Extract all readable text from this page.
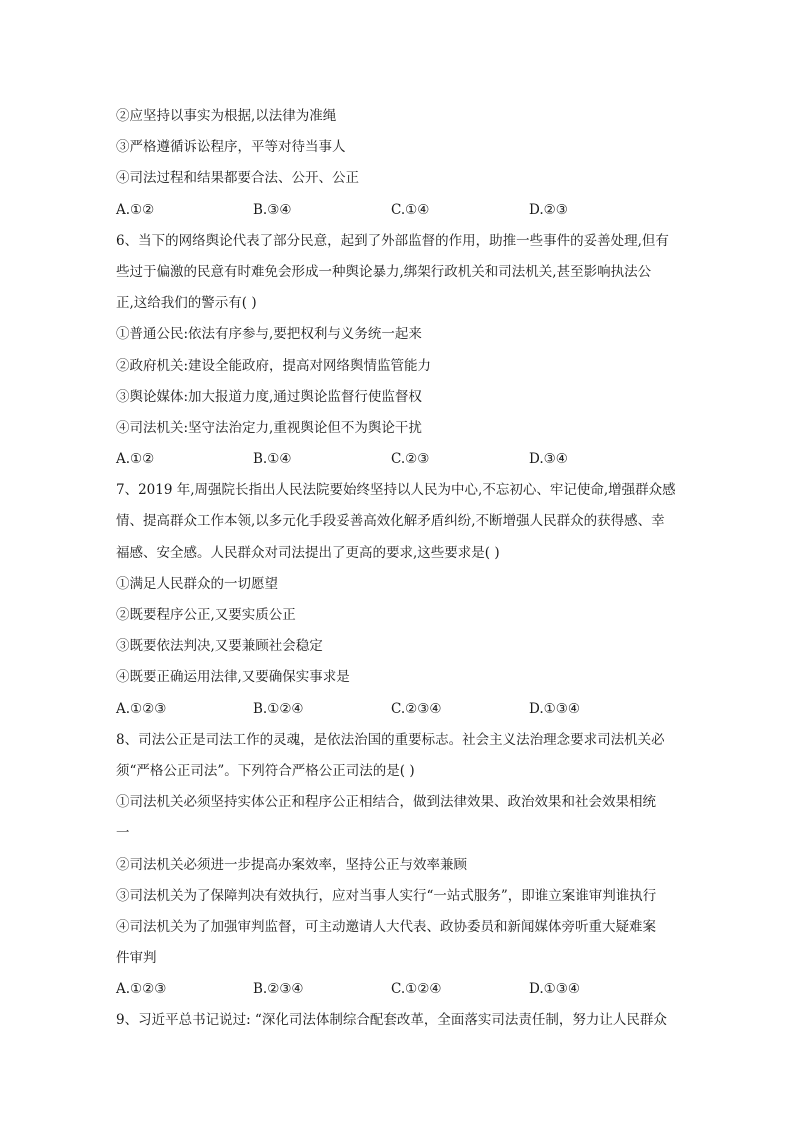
②应坚持以事实为根据,以法律为准绳
③严格遵循诉讼程序，平等对待当事人
④司法过程和结果都要合法、公开、公正
A.①②	B.③④	C.①④	D.②③
6、当下的网络舆论代表了部分民意，起到了外部监督的作用，助推一些事件的妥善处理,但有
些过于偏激的民意有时难免会形成一种舆论暴力,绑架行政机关和司法机关,甚至影响执法公
正,这给我们的警示有( )
①普通公民:依法有序参与,要把权利与义务统一起来
②政府机关:建设全能政府，提高对网络舆情监管能力
③舆论媒体:加大报道力度,通过舆论监督行使监督权
④司法机关:坚守法治定力,重视舆论但不为舆论干扰
A.①②	B.①④	C.②③	D.③④
7、2019 年,周强院长指出人民法院要始终坚持以人民为中心,不忘初心、牢记使命,增强群众感
情、提高群众工作本领,以多元化手段妥善高效化解矛盾纠纷,不断增强人民群众的获得感、幸
福感、安全感。人民群众对司法提出了更高的要求,这些要求是( )
①满足人民群众的一切愿望
②既要程序公正,又要实质公正
③既要依法判决,又要兼顾社会稳定
④既要正确运用法律,又要确保实事求是
A.①②③	B.①②④	C.②③④	D.①③④
8、司法公正是司法工作的灵魂，是依法治国的重要标志。社会主义法治理念要求司法机关必
须“严格公正司法”。下列符合严格公正司法的是( )
①司法机关必须坚持实体公正和程序公正相结合，做到法律效果、政治效果和社会效果相统
一
②司法机关必须进一步提高办案效率，坚持公正与效率兼顾
③司法机关为了保障判决有效执行，应对当事人实行“一站式服务”，即谁立案谁审判谁执行
④司法机关为了加强审判监督，可主动邀请人大代表、政协委员和新闻媒体旁听重大疑难案
件审判
A.①②③	B.②③④	C.①②④	D.①③④
9、习近平总书记说过: “深化司法体制综合配套改革，全面落实司法责任制，努力让人民群众
